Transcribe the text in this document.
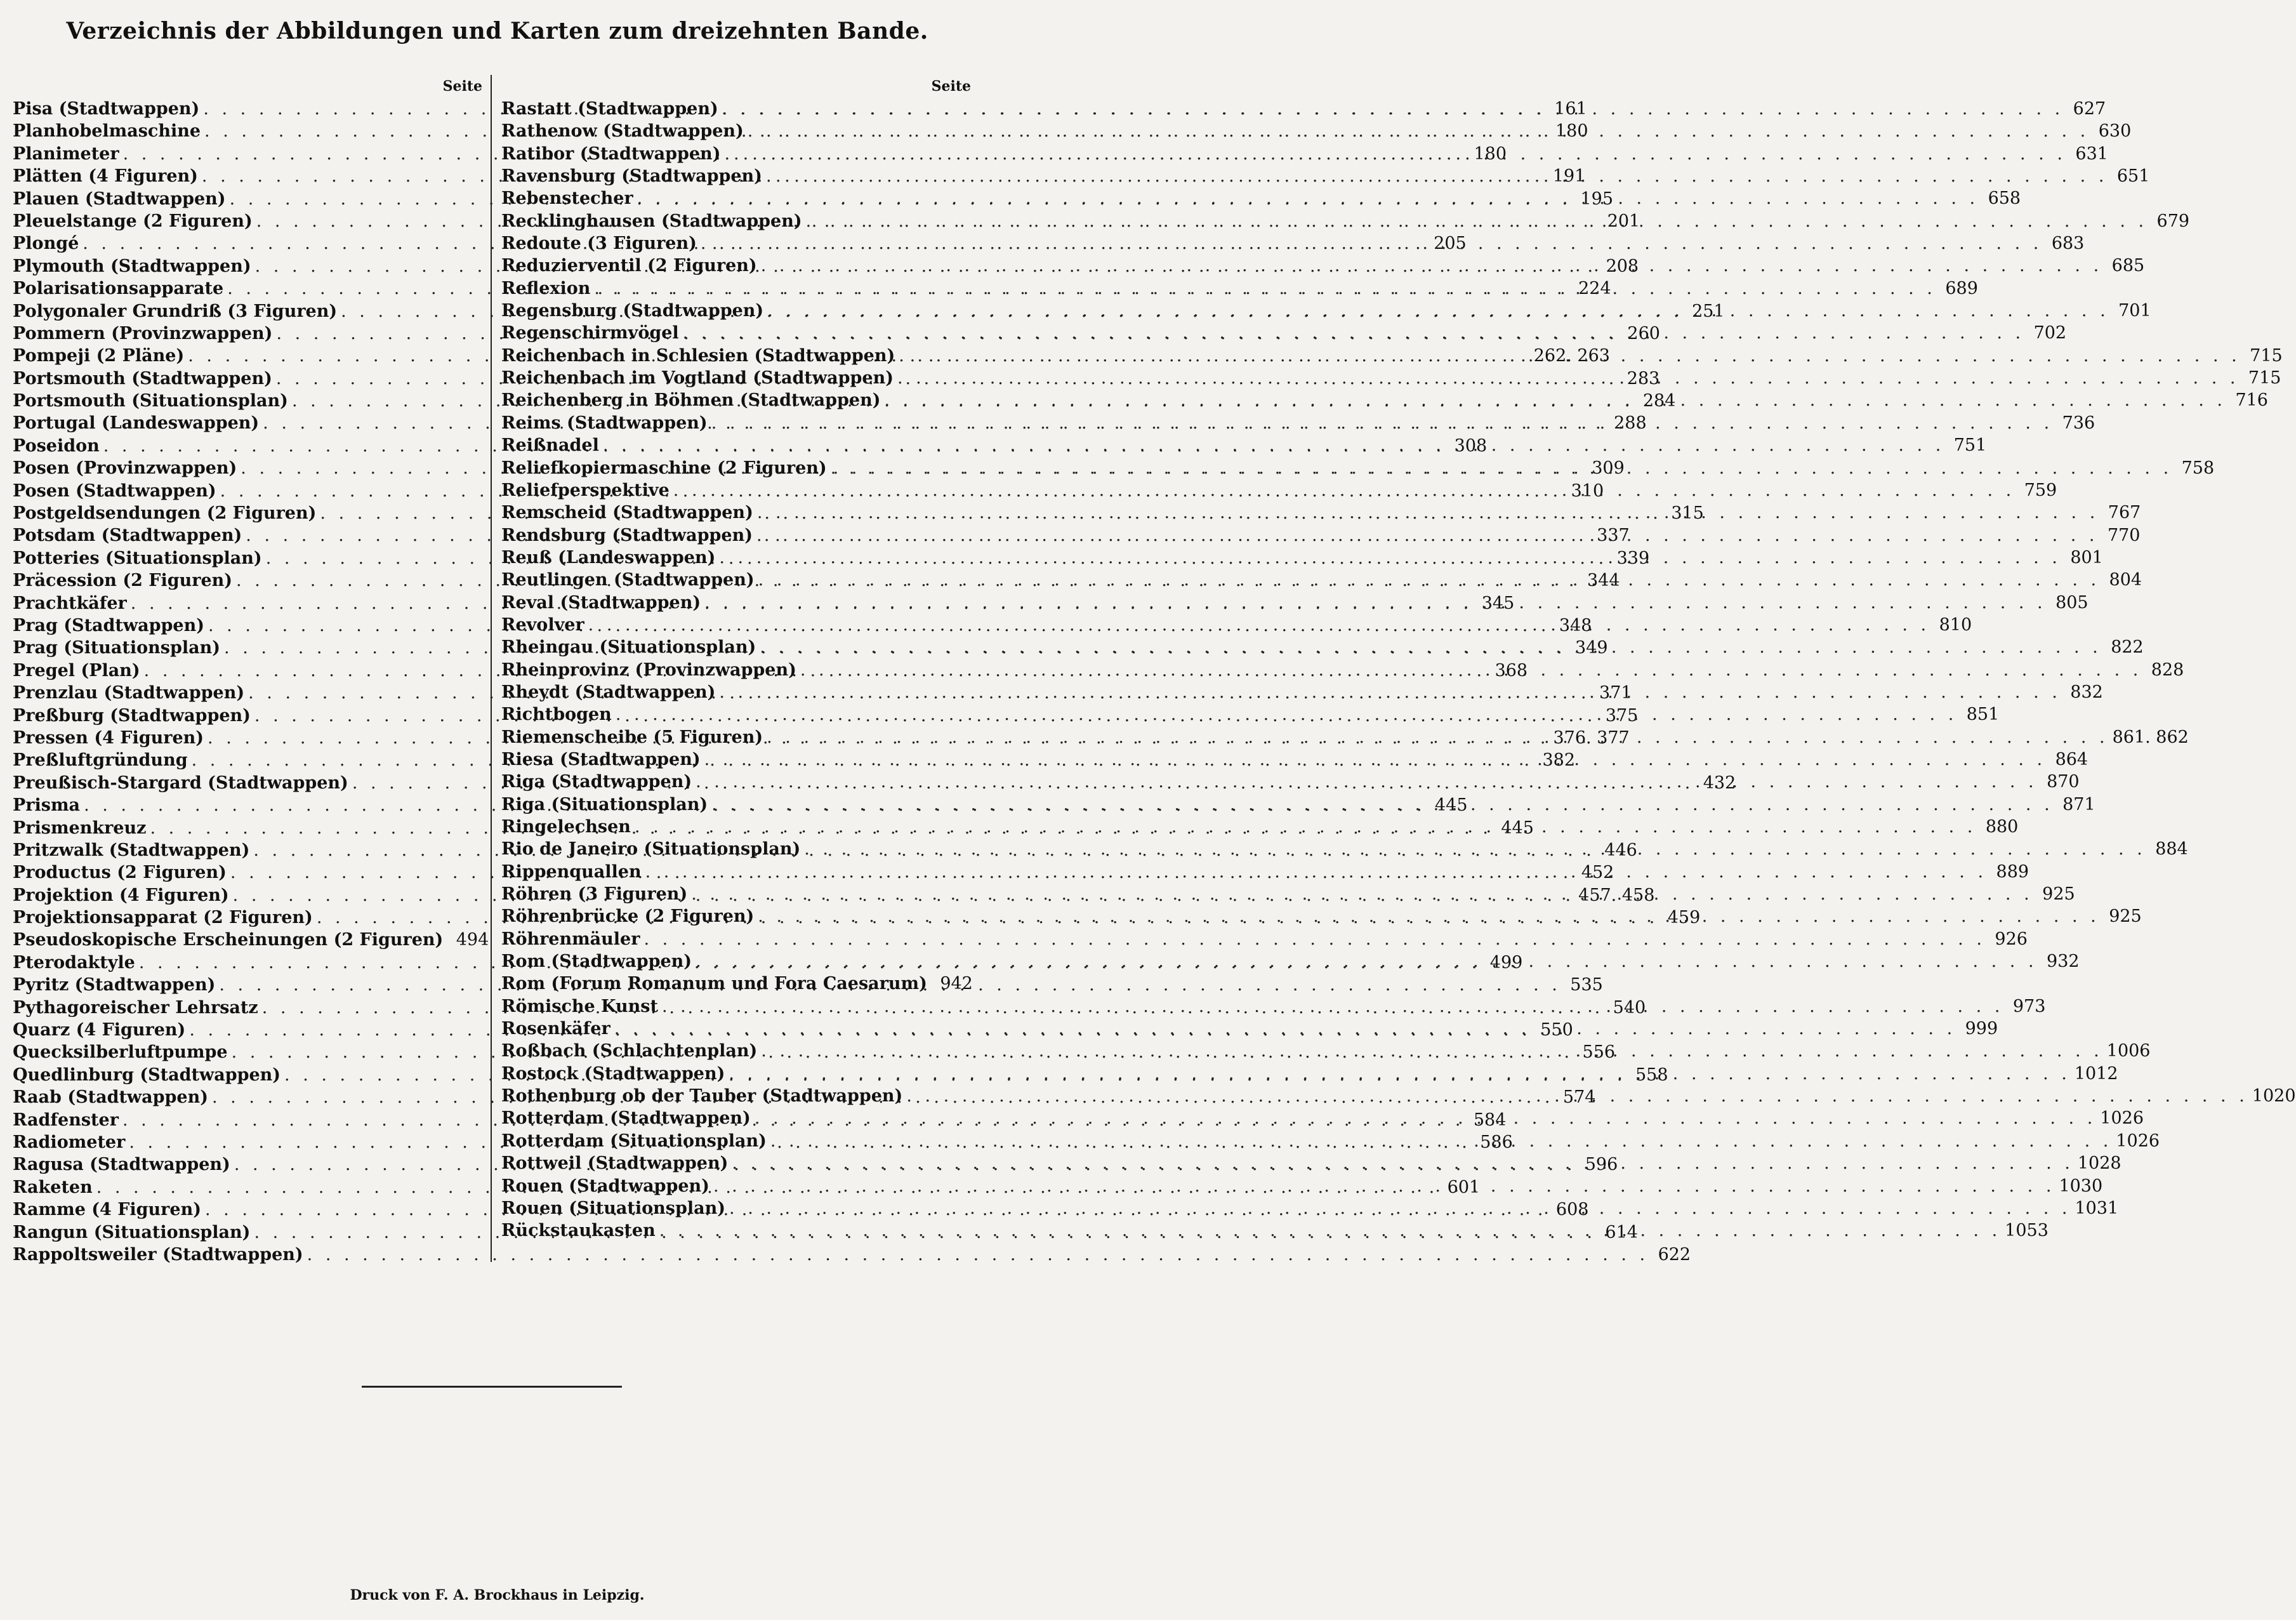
Verzeichnis der Abbildungen und Karten zum dreizehnten Bande.
Seite
Pisa (Stadtwappen) . . .	161
Planhobelmaschine . . .	180
Planimeter . . .	180
Plätten (4 Figuren) . . .	191
Plauen (Stadtwappen) . . .	195
Pleuelstange (2 Figuren) . . .	201
Plongé . . .	205
Plymouth (Stadtwappen) . . .	208
Polarisationsapparate . . .	224
Polygonaler Grundriß (3 Figuren) . . .	251
Pommern (Provinzwappen) . . .	260
Pompeji (2 Pläne) . . .	262. 263
Portsmouth (Stadtwappen) . . .	283
Portsmouth (Situationsplan) . . .	284
Portugal (Landeswappen) . . .	288
Poseidon . . .	308
Posen (Provinzwappen) . . .	309
Posen (Stadtwappen) . . .	310
Postgeldsendungen (2 Figuren) . . .	315
Potsdam (Stadtwappen) . . .	337
Potteries (Situationsplan) . . .	339
Präcession (2 Figuren) . . .	344
Prachtkäfer . . .	345
Prag (Stadtwappen) . . .	348
Prag (Situationsplan) . . .	349
Pregel (Plan) . . .	368
Prenzlau (Stadtwappen) . . .	371
Preßburg (Stadtwappen) . . .	375
Pressen (4 Figuren) . . .	376. 377
Preßluftgründung . . .	382
Preußisch-Stargard (Stadtwappen) . . .	432
Prisma . . .	445
Prismenkreuz . . .	445
Pritzwalk (Stadtwappen) . . .	446
Productus (2 Figuren) . . .	452
Projektion (4 Figuren) . . .	457. 458
Projektionsapparat (2 Figuren) . . .	459
Pseudoskopische Erscheinungen (2 Figuren) 494
Pterodaktyle . . .	499
Pyritz (Stadtwappen) . . .	535
Pythagoreischer Lehrsatz . . .	540
Quarz (4 Figuren) . . .	550
Quecksilberluftpumpe . . .	556
Quedlinburg (Stadtwappen) . . .	558
Raab (Stadtwappen) . . .	574
Radfenster . . .	584
Radiometer . . .	586
Ragusa (Stadtwappen) . . .	596
Raketen . . .	601
Ramme (4 Figuren) . . .	608
Rangun (Situationsplan) . . .	614
Rappoltsweiler (Stadtwappen) . . .	622
Seite
Rastatt (Stadtwappen) . . .	627
Rathenow (Stadtwappen) . . .	630
Ratibor (Stadtwappen) . . .	631
Ravensburg (Stadtwappen) . . .	651
Rebenstecher . . .	658
Recklinghausen (Stadtwappen) . . .	679
Redoute (3 Figuren) . . .	683
Reduzierventil (2 Figuren) . . .	685
Reflexion . . .	689
Regensburg (Stadtwappen) . . .	701
Regenschirmvögel . . .	702
Reichenbach in Schlesien (Stadtwappen) . . .	715
Reichenbach im Vogtland (Stadtwappen) . . .	715
Reichenberg in Böhmen (Stadtwappen) . . .	716
Reims (Stadtwappen) . . .	736
Reißnadel . . .	751
Reliefkopiermaschine (2 Figuren) . . .	758
Reliefperspektive . . .	759
Remscheid (Stadtwappen) . . .	767
Rendsburg (Stadtwappen) . . .	770
Reuß (Landeswappen) . . .	801
Reutlingen (Stadtwappen) . . .	804
Reval (Stadtwappen) . . .	805
Revolver . . .	810
Rheingau (Situationsplan) . . .	822
Rheinprovinz (Provinzwappen) . . .	828
Rheydt (Stadtwappen) . . .	832
Richtbogen . . .	851
Riemenscheibe (5 Figuren) . . .	861. 862
Riesa (Stadtwappen) . . .	864
Riga (Stadtwappen) . . .	870
Riga (Situationsplan) . . .	871
Ringelechsen . . .	880
Rio de Janeiro (Situationsplan) . . .	884
Rippenquallen . . .	889
Röhren (3 Figuren) . . .	925
Röhrenbrücke (2 Figuren) . . .	925
Röhrenmäuler . . .	926
Rom (Stadtwappen) . . .	932
Rom (Forum Romanum und Fora Caesarum) 942
Römische Kunst . . .	973
Rosenkäfer . . .	999
Roßbach (Schlachtenplan) . . .	1006
Rostock (Stadtwappen) . . .	1012
Rothenburg ob der Tauber (Stadtwappen) . . .	1020
Rotterdam (Stadtwappen) . . .	1026
Rotterdam (Situationsplan) . . .	1026
Rottweil (Stadtwappen) . . .	1028
Rouen (Stadtwappen) . . .	1030
Rouen (Situationsplan) . . .	1031
Rückstaukasten . . .	1053
Druck von F. A. Brockhaus in Leipzig.
